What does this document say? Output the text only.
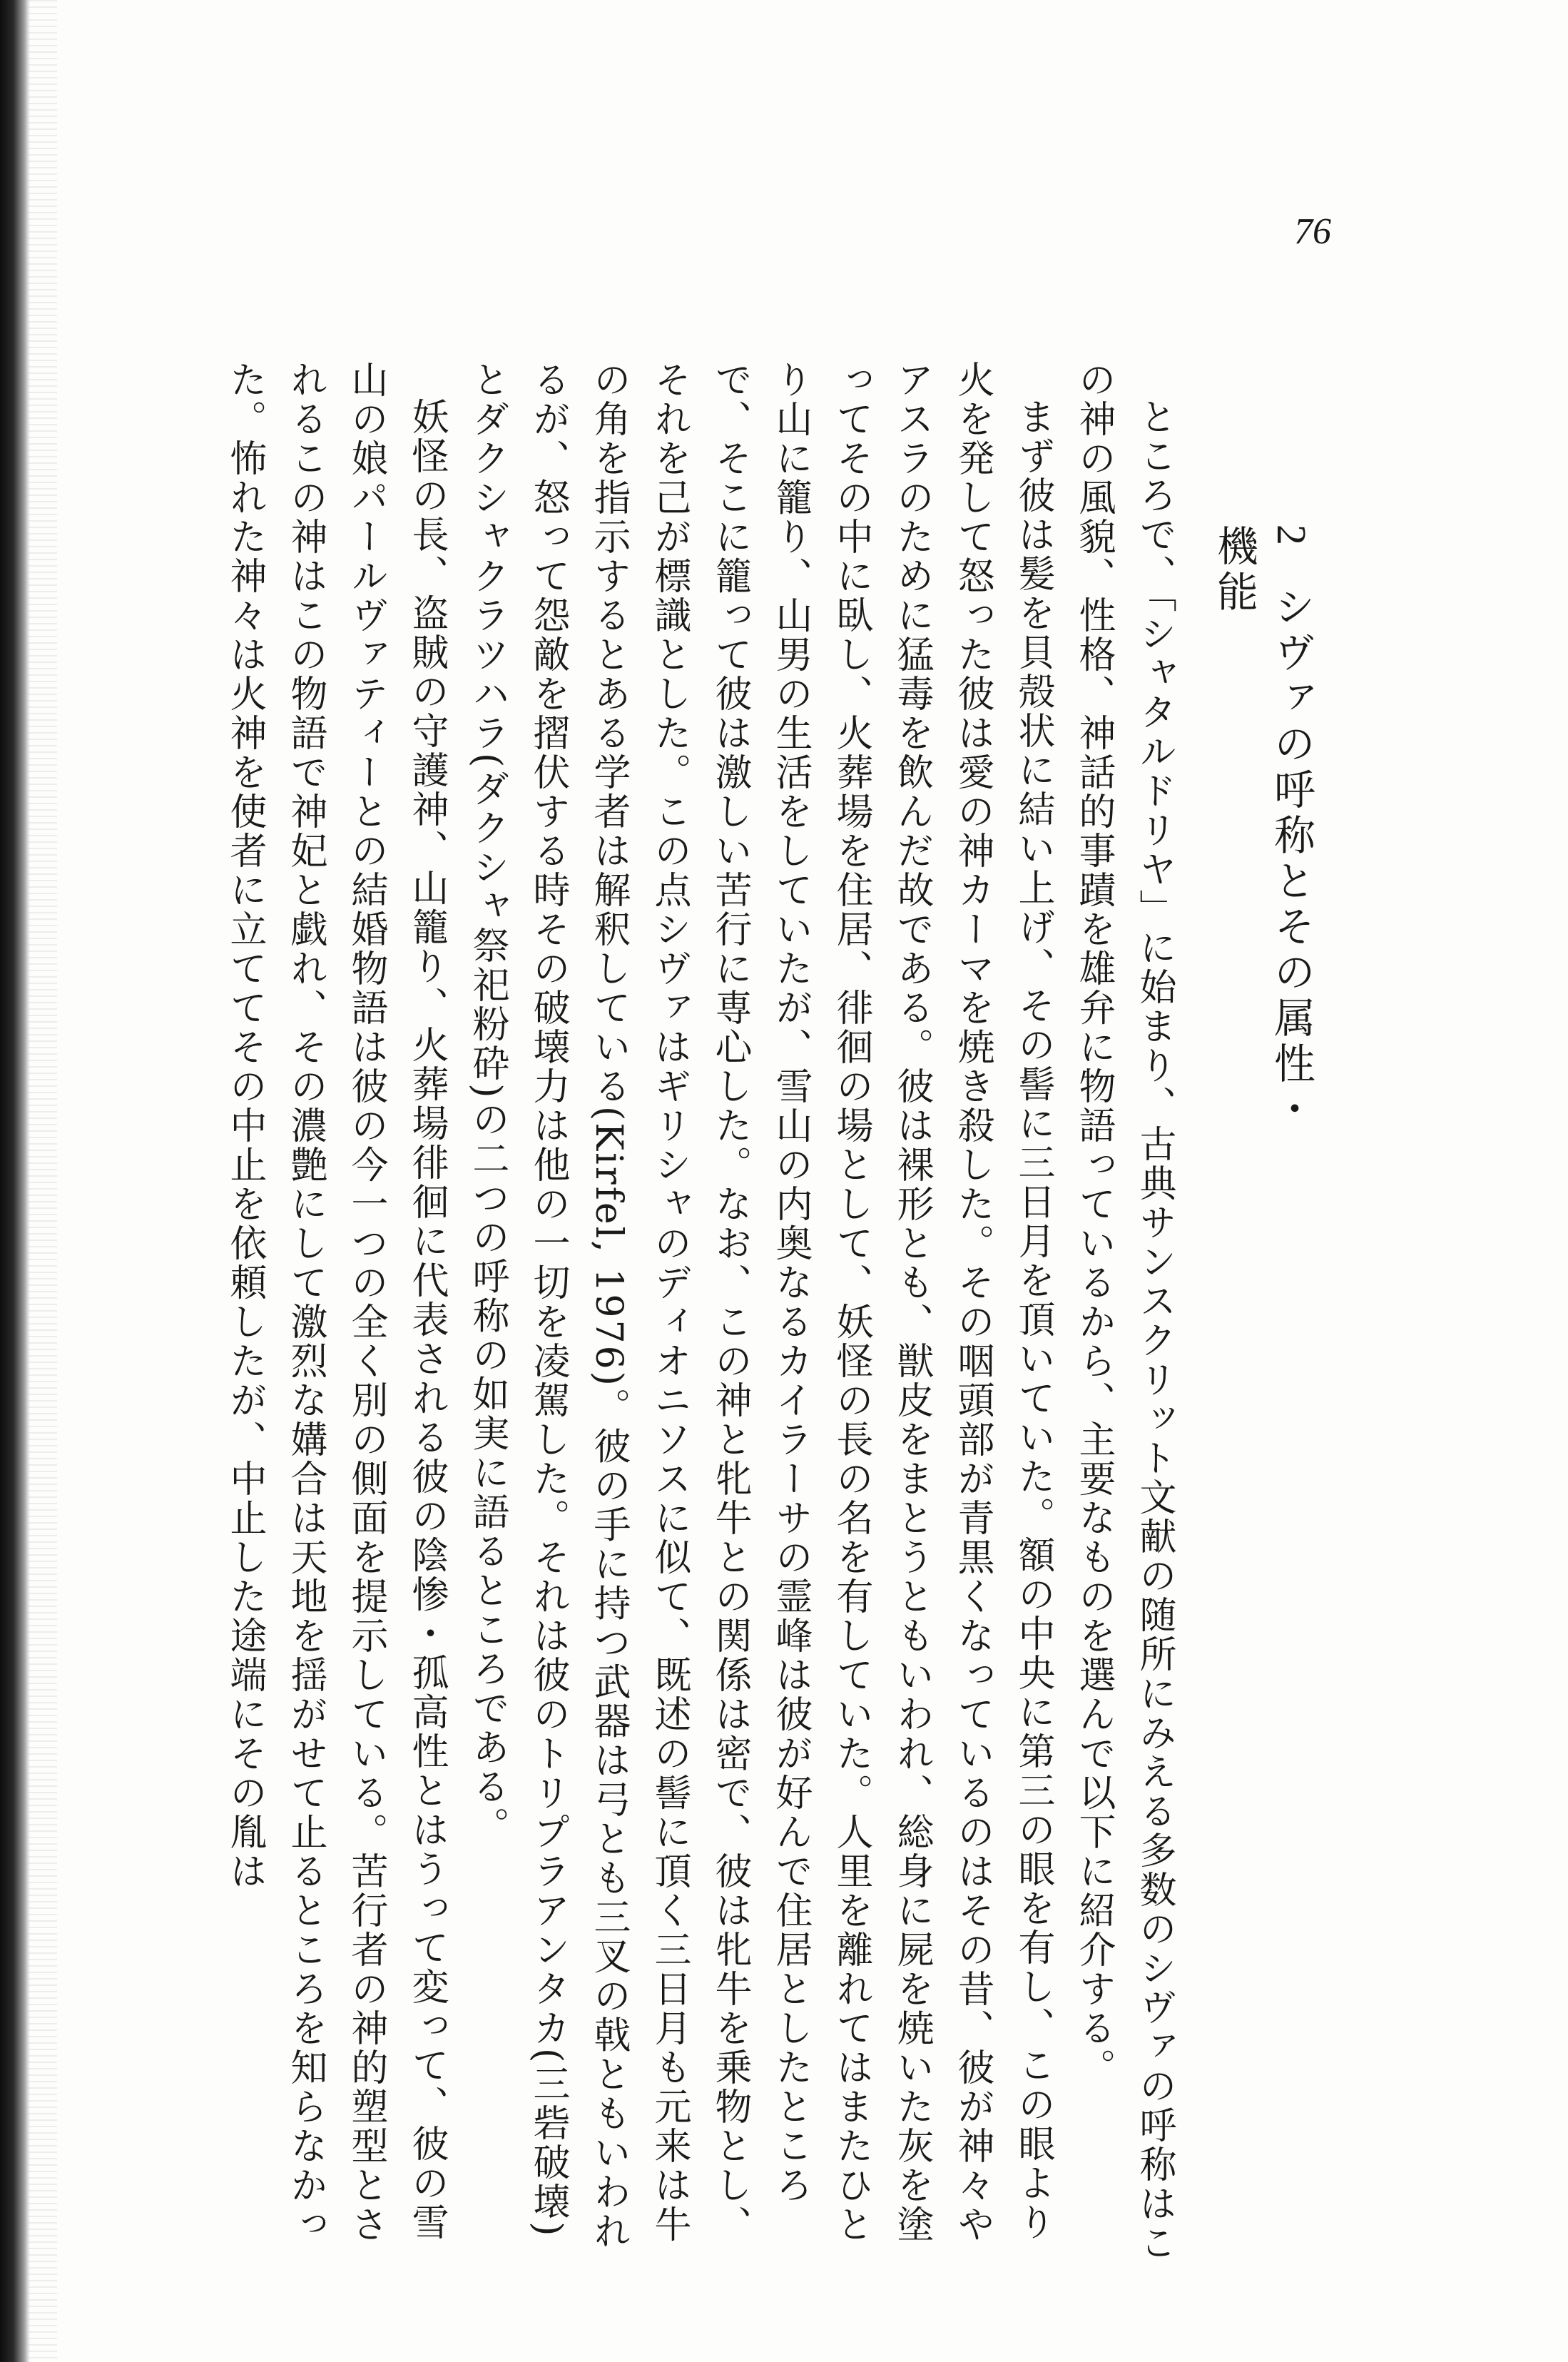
76
2シヴァの呼称とその属性・機能

ところで、「シャタルドリヤ」に始まり、古典サンスクリット文献の随所にみえる多数のシヴァの呼称はこの神の風貌、性格、神話的事蹟を雄弁に物語っているから、主要なものを選んで以下に紹介する。

まず彼は髪を貝殻状に結い上げ、その髻に三日月を頂いていた。額の中央に第三の眼を有し、この眼より火を発して怒った彼は愛の神カーマを焼き殺した。その咽頭部が青黒くなっているのはその昔、彼が神々やアスラのために猛毒を飲んだ故である。彼は裸形とも、獣皮をまとうともいわれ、総身に屍を焼いた灰を塗ってその中に臥し、火葬場を住居、徘徊の場として、妖怪の長の名を有していた。人里を離れてはまたひとり山に籠り、山男の生活をしていたが、雪山の内奥なるカイラーサの霊峰は彼が好んで住居としたところで、そこに籠って彼は激しい苦行に専心した。なお、この神と牝牛との関係は密で、彼は牝牛を乗物とし、それを己が標識とした。この点シヴァはギリシャのディオニソスに似て、既述の髻に頂く三日月も元来は牛の角を指示するとある学者は解釈している(Kirfel, 1976)。彼の手に持つ武器は弓とも三叉の戟ともいわれるが、怒って怨敵を摺伏する時その破壊力は他の一切を凌駕した。それは彼のトリプラアンタカ(三砦破壊)とダクシャクラツハラ(ダクシャ祭祀粉砕)の二つの呼称の如実に語るところである。

妖怪の長、盗賊の守護神、山籠り、火葬場徘徊に代表される彼の陰惨・孤高性とはうって変って、彼の雪山の娘パールヴァティーとの結婚物語は彼の今一つの全く別の側面を提示している。苦行者の神的塑型とされるこの神はこの物語で神妃と戯れ、その濃艶にして激烈な媾合は天地を揺がせて止るところを知らなかった。怖れた神々は火神を使者に立ててその中止を依頼したが、中止した途端にその胤は
